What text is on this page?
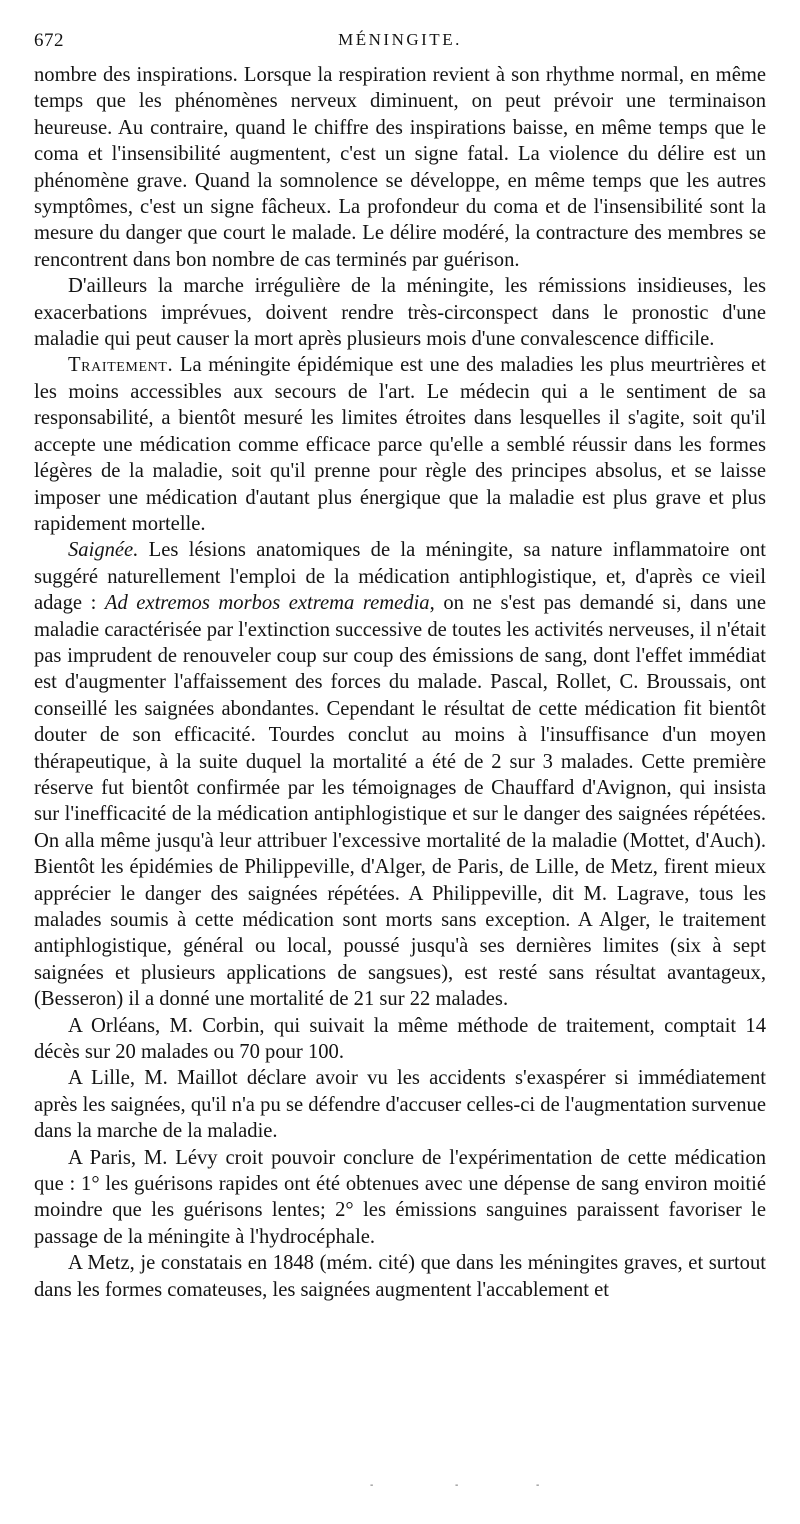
672	MÉNINGITE.

nombre des inspirations. Lorsque la respiration revient à son rhythme normal, en même temps que les phénomènes nerveux diminuent, on peut prévoir une terminaison heureuse. Au contraire, quand le chiffre des inspirations baisse, en même temps que le coma et l'insensibilité augmentent, c'est un signe fatal. La violence du délire est un phénomène grave. Quand la somnolence se développe, en même temps que les autres symptômes, c'est un signe fâcheux. La profondeur du coma et de l'insensibilité sont la mesure du danger que court le malade. Le délire modéré, la contracture des membres se rencontrent dans bon nombre de cas terminés par guérison.

D'ailleurs la marche irrégulière de la méningite, les rémissions insidieuses, les exacerbations imprévues, doivent rendre très-circonspect dans le pronostic d'une maladie qui peut causer la mort après plusieurs mois d'une convalescence difficile.

Traitement. La méningite épidémique est une des maladies les plus meurtrières et les moins accessibles aux secours de l'art. Le médecin qui a le sentiment de sa responsabilité, a bientôt mesuré les limites étroites dans lesquelles il s'agite, soit qu'il accepte une médication comme efficace parce qu'elle a semblé réussir dans les formes légères de la maladie, soit qu'il prenne pour règle des principes absolus, et se laisse imposer une médication d'autant plus énergique que la maladie est plus grave et plus rapidement mortelle.

Saignée. Les lésions anatomiques de la méningite, sa nature inflammatoire ont suggéré naturellement l'emploi de la médication antiphlogistique, et, d'après ce vieil adage : Ad extremos morbos extrema remedia, on ne s'est pas demandé si, dans une maladie caractérisée par l'extinction successive de toutes les activités nerveuses, il n'était pas imprudent de renouveler coup sur coup des émissions de sang, dont l'effet immédiat est d'augmenter l'affaissement des forces du malade. Pascal, Rollet, C. Broussais, ont conseillé les saignées abondantes. Cependant le résultat de cette médication fit bientôt douter de son efficacité. Tourdes conclut au moins à l'insuffisance d'un moyen thérapeutique, à la suite duquel la mortalité a été de 2 sur 3 malades. Cette première réserve fut bientôt confirmée par les témoignages de Chauffard d'Avignon, qui insista sur l'inefficacité de la médication antiphlogistique et sur le danger des saignées répétées. On alla même jusqu'à leur attribuer l'excessive mortalité de la maladie (Mottet, d'Auch). Bientôt les épidémies de Philippeville, d'Alger, de Paris, de Lille, de Metz, firent mieux apprécier le danger des saignées répétées. A Philippeville, dit M. Lagrave, tous les malades soumis à cette médication sont morts sans exception. A Alger, le traitement antiphlogistique, général ou local, poussé jusqu'à ses dernières limites (six à sept saignées et plusieurs applications de sangsues), est resté sans résultat avantageux, (Besseron) il a donné une mortalité de 21 sur 22 malades.

A Orléans, M. Corbin, qui suivait la même méthode de traitement, comptait 14 décès sur 20 malades ou 70 pour 100.

A Lille, M. Maillot déclare avoir vu les accidents s'exaspérer si immédiatement après les saignées, qu'il n'a pu se défendre d'accuser celles-ci de l'augmentation survenue dans la marche de la maladie.

A Paris, M. Lévy croit pouvoir conclure de l'expérimentation de cette médication que : 1° les guérisons rapides ont été obtenues avec une dépense de sang environ moitié moindre que les guérisons lentes; 2° les émissions sanguines paraissent favoriser le passage de la méningite à l'hydrocéphale.

A Metz, je constatais en 1848 (mém. cité) que dans les méningites graves, et surtout dans les formes comateuses, les saignées augmentent l'accablement et

-	-	-
